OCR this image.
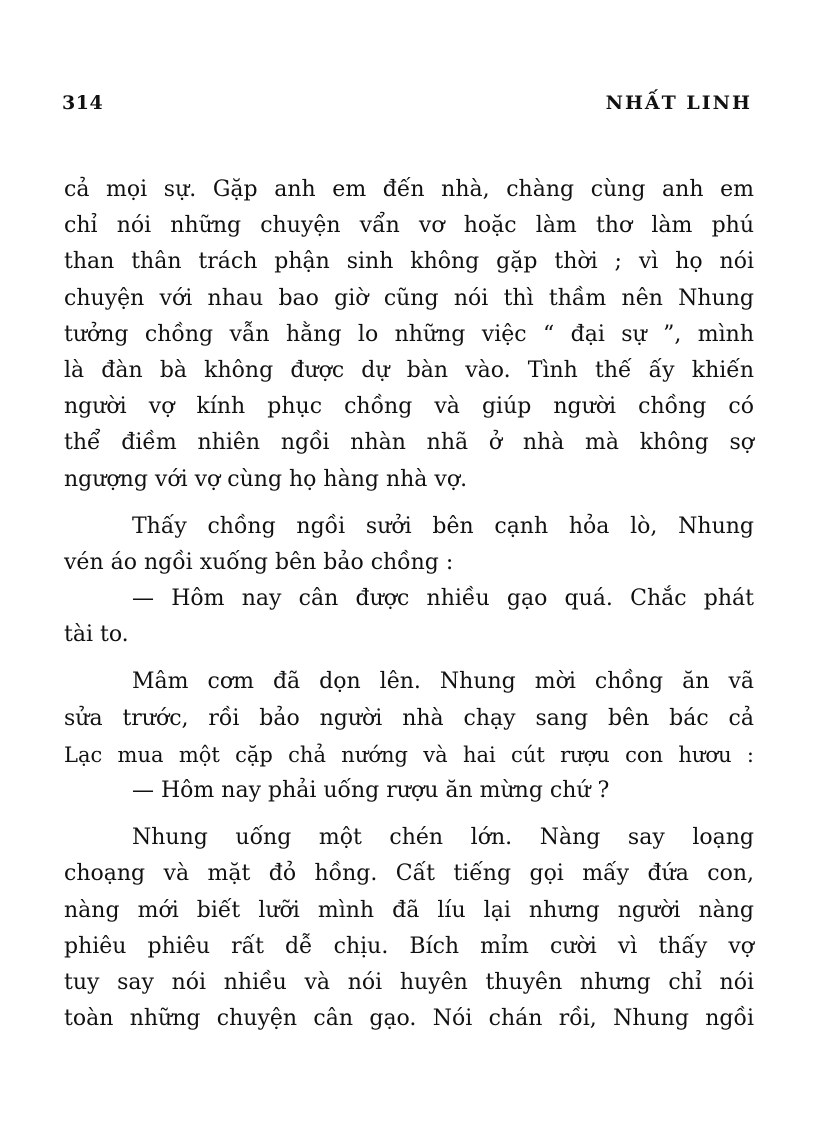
314	NHẤT LINH
cả mọi sự. Gặp anh em đến nhà, chàng cùng anh em
chỉ nói những chuyện vẩn vơ hoặc làm thơ làm phú
than thân trách phận sinh không gặp thời ; vì họ nói
chuyện với nhau bao giờ cũng nói thì thầm nên Nhung
tưởng chồng vẫn hằng lo những việc “ đại sự ”, mình
là đàn bà không được dự bàn vào. Tình thế ấy khiến
người vợ kính phục chồng và giúp người chồng có
thể điềm nhiên ngồi nhàn nhã ở nhà mà không sợ
ngượng với vợ cùng họ hàng nhà vợ.
Thấy chồng ngồi sưởi bên cạnh hỏa lò, Nhung
vén áo ngồi xuống bên bảo chồng :
— Hôm nay cân được nhiều gạo quá. Chắc phát
tài to.
Mâm cơm đã dọn lên. Nhung mời chồng ăn vã
sửa trước, rồi bảo người nhà chạy sang bên bác cả
Lạc mua một cặp chả nướng và hai cút rượu con hươu :
— Hôm nay phải uống rượu ăn mừng chứ ?
Nhung uống một chén lớn. Nàng say loạng
choạng và mặt đỏ hồng. Cất tiếng gọi mấy đứa con,
nàng mới biết lưỡi mình đã líu lại nhưng người nàng
phiêu phiêu rất dễ chịu. Bích mỉm cười vì thấy vợ
tuy say nói nhiều và nói huyên thuyên nhưng chỉ nói
toàn những chuyện cân gạo. Nói chán rồi, Nhung ngồi
